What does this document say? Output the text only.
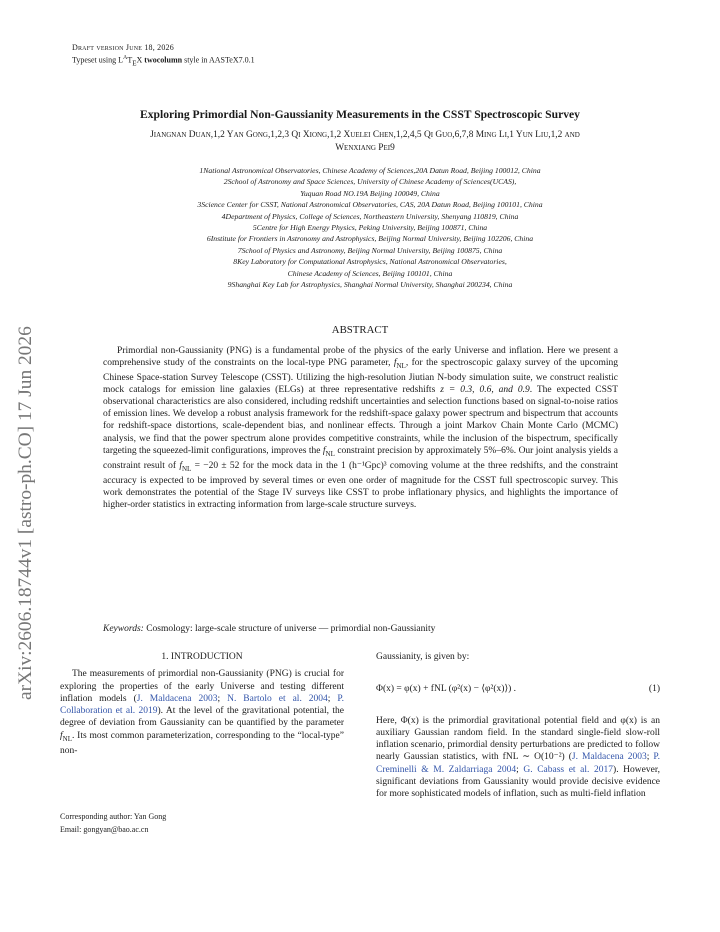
arXiv:2606.18744v1 [astro-ph.CO] 17 Jun 2026
Draft version June 18, 2026
Typeset using $L^AT_EX$ twocolumn style in AASTeX7.0.1
Exploring Primordial Non-Gaussianity Measurements in the CSST Spectroscopic Survey
Jiangnan Duan,1,2 Yan Gong,1,2,3 Qi Xiong,1,2 Xuelei Chen,1,2,4,5 Qi Guo,6,7,8 Ming Li,1 Yun Liu,1,2 and
Wenxiang Pei9
1National Astronomical Observatories, Chinese Academy of Sciences,20A Datun Road, Beijing 100012, China
2School of Astronomy and Space Sciences, University of Chinese Academy of Sciences(UCAS),
Yuquan Road NO.19A Beijing 100049, China
3Science Center for CSST, National Astronomical Observatories, CAS, 20A Datun Road, Beijing 100101, China
4Department of Physics, College of Sciences, Northeastern University, Shenyang 110819, China
5Centre for High Energy Physics, Peking University, Beijing 100871, China
6Institute for Frontiers in Astronomy and Astrophysics, Beijing Normal University, Beijing 102206, China
7School of Physics and Astronomy, Beijing Normal University, Beijing 100875, China
8Key Laboratory for Computational Astrophysics, National Astronomical Observatories,
Chinese Academy of Sciences, Beijing 100101, China
9Shanghai Key Lab for Astrophysics, Shanghai Normal University, Shanghai 200234, China
ABSTRACT
Primordial non-Gaussianity (PNG) is a fundamental probe of the physics of the early Universe and inflation. Here we present a comprehensive study of the constraints on the local-type PNG parameter, $f_{NL}$, for the spectroscopic galaxy survey of the upcoming Chinese Space-station Survey Telescope (CSST). Utilizing the high-resolution Jiutian N-body simulation suite, we construct realistic mock catalogs for emission line galaxies (ELGs) at three representative redshifts z = 0.3, 0.6, and 0.9. The expected CSST observational characteristics are also considered, including redshift uncertainties and selection functions based on signal-to-noise ratios of emission lines. We develop a robust analysis framework for the redshift-space galaxy power spectrum and bispectrum that accounts for redshift-space distortions, scale-dependent bias, and nonlinear effects. Through a joint Markov Chain Monte Carlo (MCMC) analysis, we find that the power spectrum alone provides competitive constraints, while the inclusion of the bispectrum, specifically targeting the squeezed-limit configurations, improves the $f_{NL}$ constraint precision by approximately 5%–6%. Our joint analysis yields a constraint result of $f_{NL} = -20 \pm 52$ for the mock data in the 1 (h⁻¹Gpc)³ comoving volume at the three redshifts, and the constraint accuracy is expected to be improved by several times or even one order of magnitude for the CSST full spectroscopic survey. This work demonstrates the potential of the Stage IV surveys like CSST to probe inflationary physics, and highlights the importance of higher-order statistics in extracting information from large-scale structure surveys.
Keywords: Cosmology: large-scale structure of universe — primordial non-Gaussianity
1. INTRODUCTION

The measurements of primordial non-Gaussianity (PNG) is crucial for exploring the properties of the early Universe and testing different inflation models (J. Maldacena 2003; N. Bartolo et al. 2004; P. Collaboration et al. 2019). At the level of the gravitational potential, the degree of deviation from Gaussianity can be quantified by the parameter $f_{NL}$. Its most common parameterization, corresponding to the “local-type” non-

Gaussianity, is given by:

Φ(x) = φ(x) + fNL (φ²(x) − ⟨φ²(x)⟩) .	(1)

Here, Φ(x) is the primordial gravitational potential field and φ(x) is an auxiliary Gaussian random field. In the standard single-field slow-roll inflation scenario, primordial density perturbations are predicted to follow nearly Gaussian statistics, with fNL ∼ O(10⁻²) (J. Maldacena 2003; P. Creminelli & M. Zaldarriaga 2004; G. Cabass et al. 2017). However, significant deviations from Gaussianity would provide decisive evidence for more sophisticated models of inflation, such as multi-field inflation

Corresponding author: Yan Gong
Email: gongyan@bao.ac.cn
